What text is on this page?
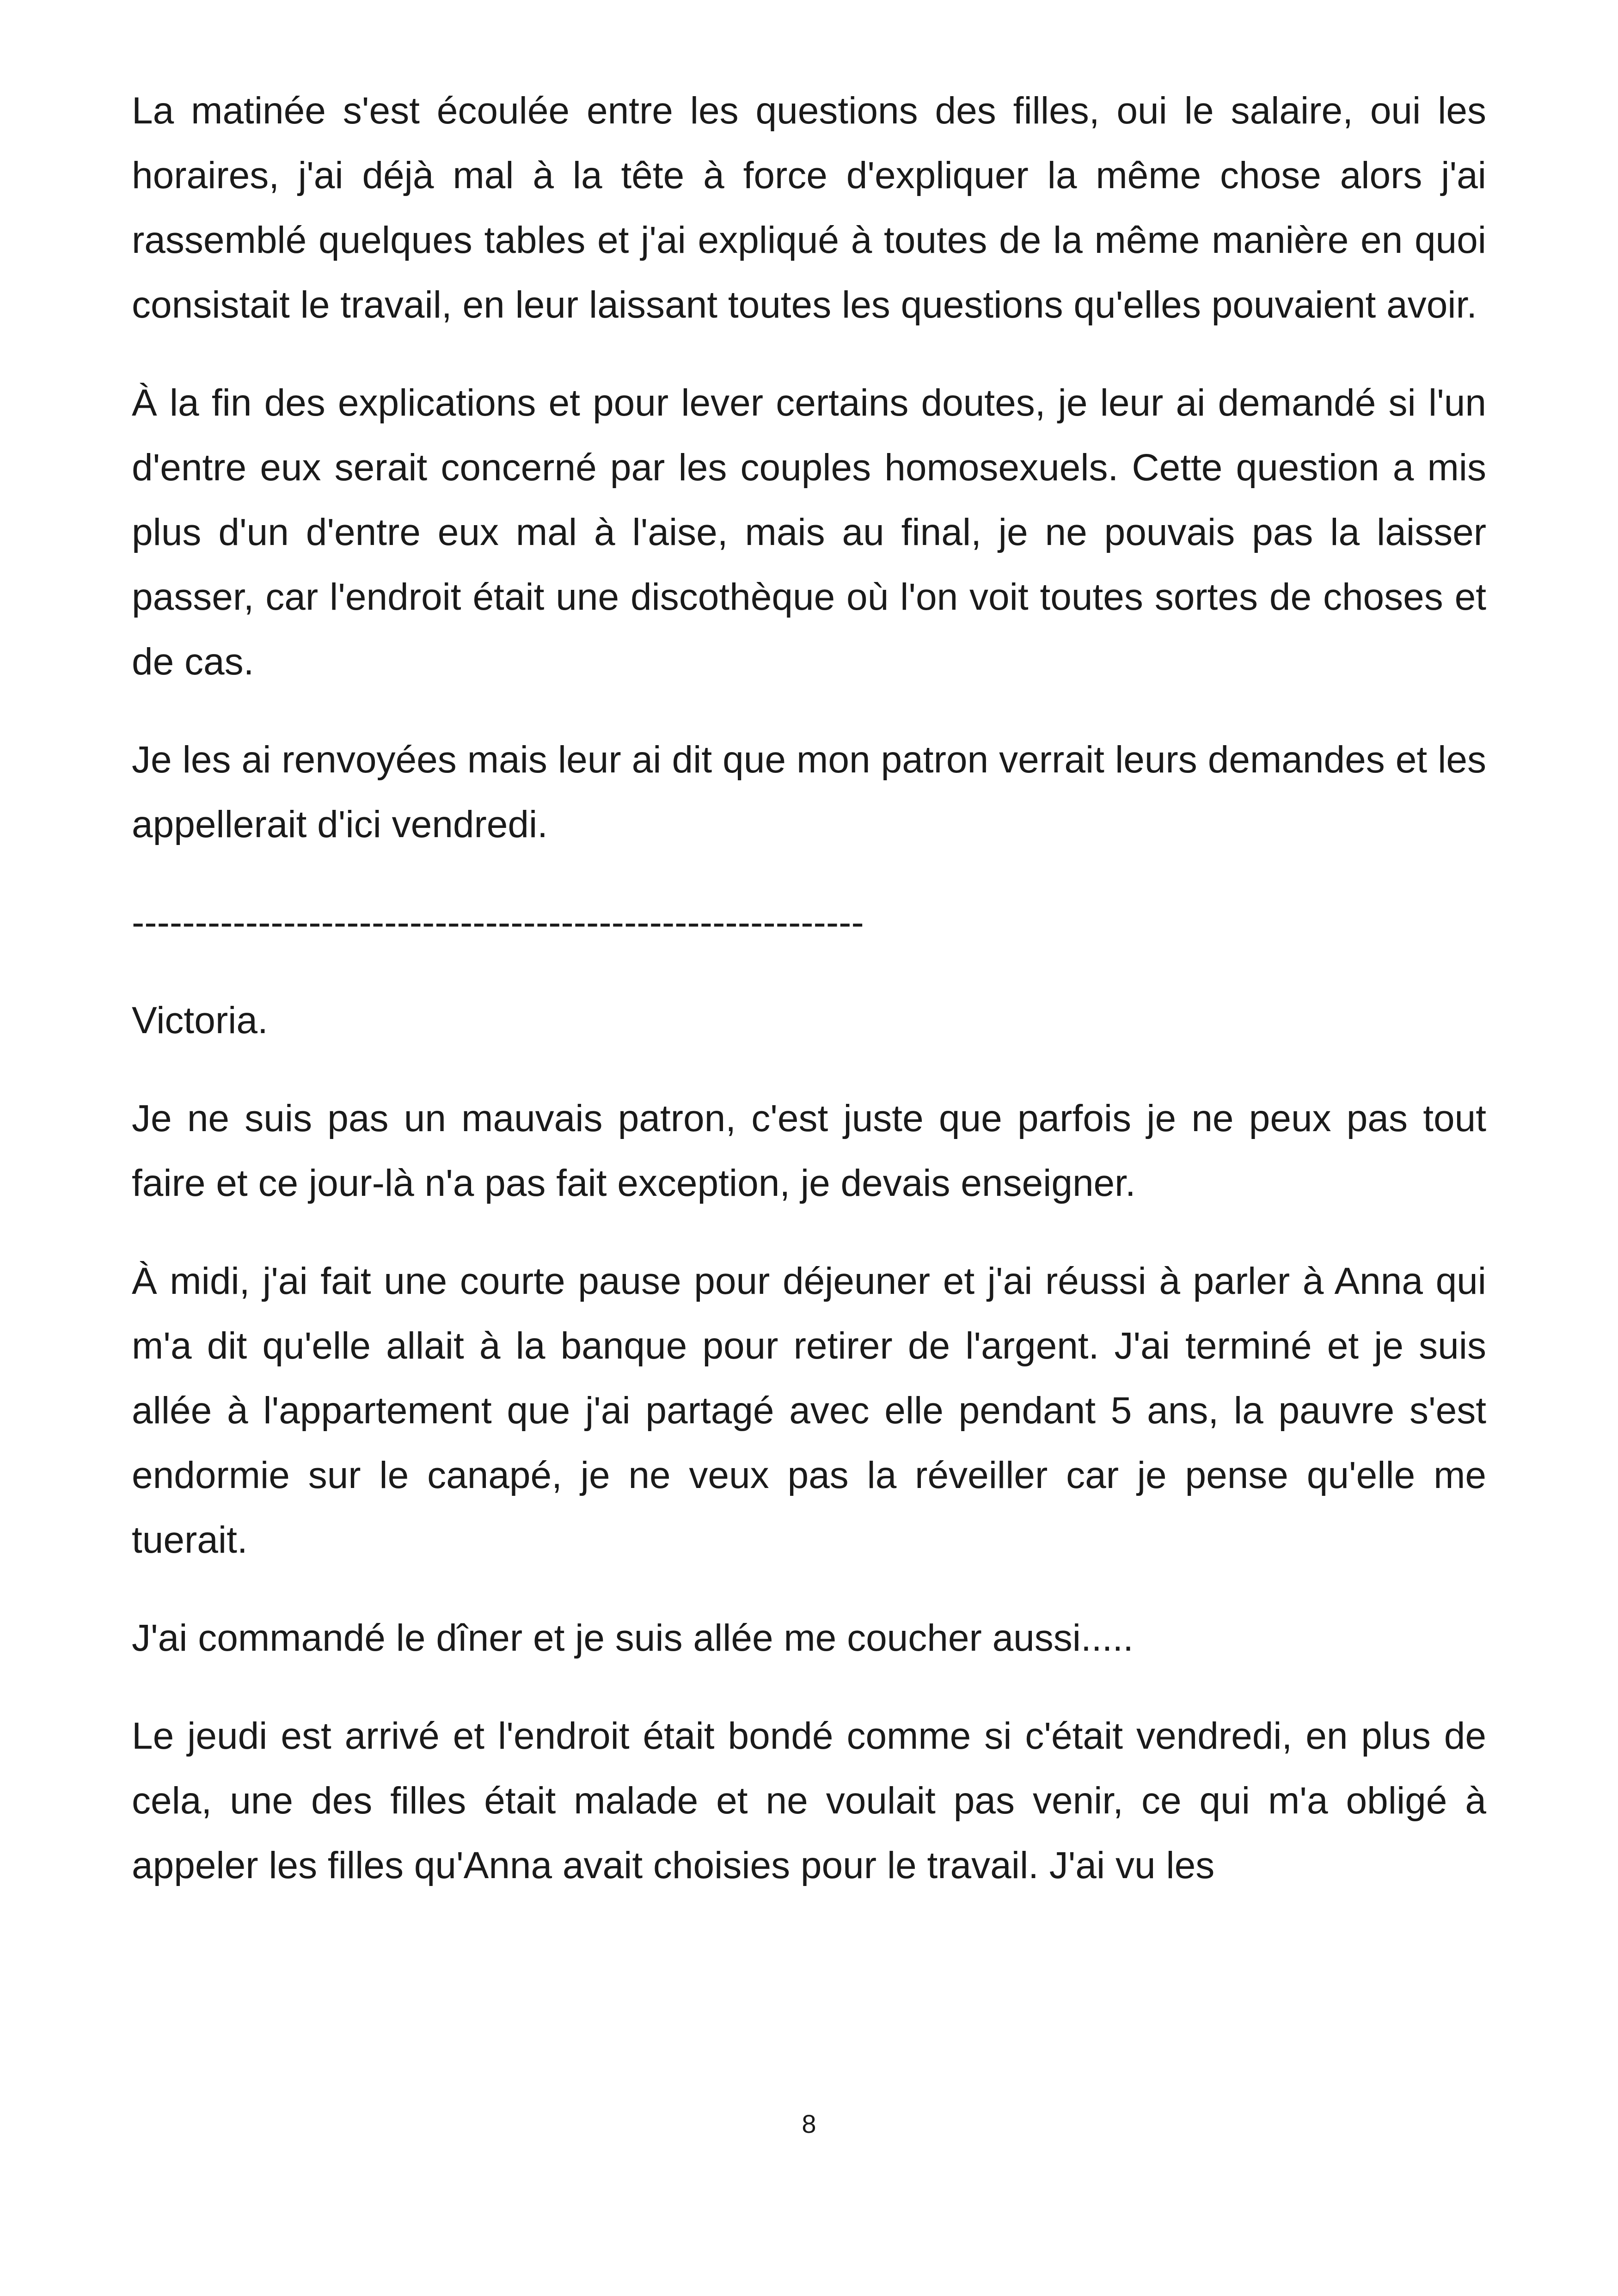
La matinée s'est écoulée entre les questions des filles, oui le salaire, oui les horaires, j'ai déjà mal à la tête à force d'expliquer la même chose alors j'ai rassemblé quelques tables et j'ai expliqué à toutes de la même manière en quoi consistait le travail, en leur laissant toutes les questions qu'elles pouvaient avoir.

À la fin des explications et pour lever certains doutes, je leur ai demandé si l'un d'entre eux serait concerné par les couples homosexuels. Cette question a mis plus d'un d'entre eux mal à l'aise, mais au final, je ne pouvais pas la laisser passer, car l'endroit était une discothèque où l'on voit toutes sortes de choses et de cas.

Je les ai renvoyées mais leur ai dit que mon patron verrait leurs demandes et les appellerait d'ici vendredi.

----------------------------------------------------------

Victoria.

Je ne suis pas un mauvais patron, c'est juste que parfois je ne peux pas tout faire et ce jour-là n'a pas fait exception, je devais enseigner.

À midi, j'ai fait une courte pause pour déjeuner et j'ai réussi à parler à Anna qui m'a dit qu'elle allait à la banque pour retirer de l'argent. J'ai terminé et je suis allée à l'appartement que j'ai partagé avec elle pendant 5 ans, la pauvre s'est endormie sur le canapé, je ne veux pas la réveiller car je pense qu'elle me tuerait.

J'ai commandé le dîner et je suis allée me coucher aussi.....

Le jeudi est arrivé et l'endroit était bondé comme si c'était vendredi, en plus de cela, une des filles était malade et ne voulait pas venir, ce qui m'a obligé à appeler les filles qu'Anna avait choisies pour le travail. J'ai vu les

8
